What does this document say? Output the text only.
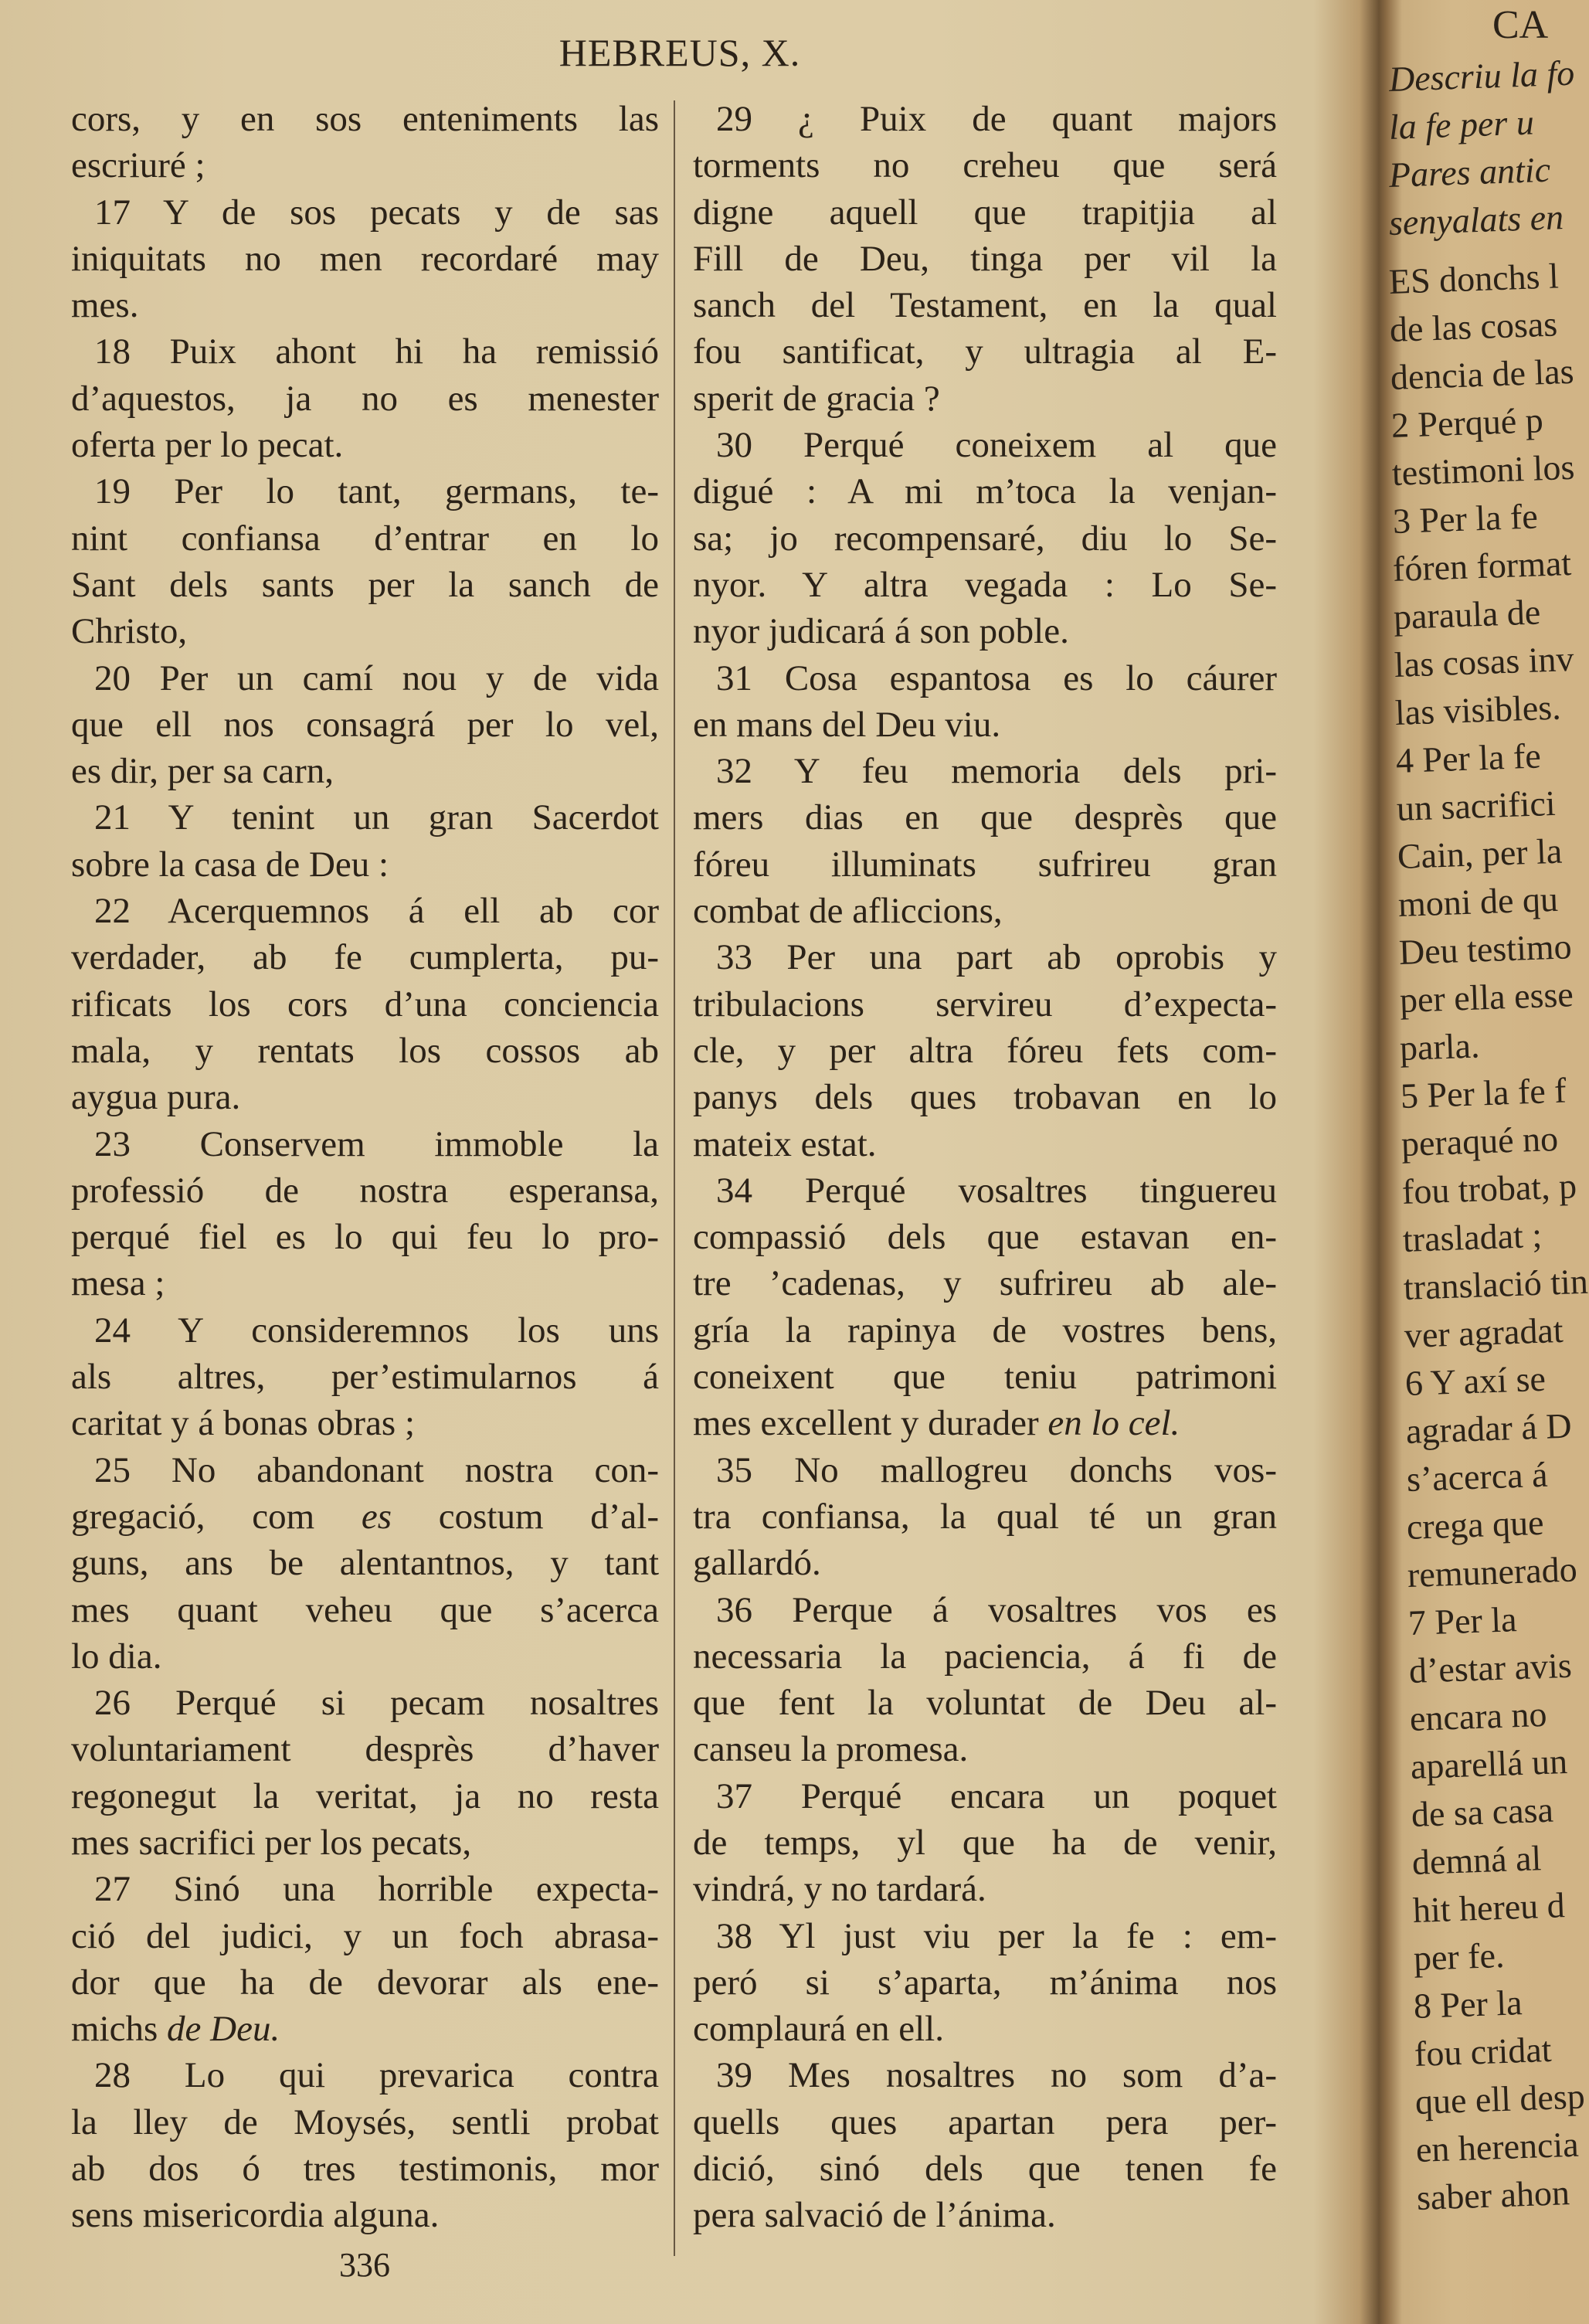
HEBREUS, X.
cors, y en sos enteniments las
escriuré ;
17 Y de sos pecats y de sas
iniquitats no men recordaré may
mes.
18 Puix ahont hi ha remissió
d’aquestos, ja no es menester
oferta per lo pecat.
19 Per lo tant, germans, te-
nint confiansa d’entrar en lo
Sant dels sants per la sanch de
Christo,
20 Per un camí nou y de vida
que ell nos consagrá per lo vel,
es dir, per sa carn,
21 Y tenint un gran Sacerdot
sobre la casa de Deu :
22 Acerquemnos á ell ab cor
verdader, ab fe cumplerta, pu-
rificats los cors d’una conciencia
mala, y rentats los cossos ab
aygua pura.
23 Conservem immoble la
professió de nostra esperansa,
perqué fiel es lo qui feu lo pro-
mesa ;
24 Y consideremnos los uns
als altres, per’estimularnos á
caritat y á bonas obras ;
25 No abandonant nostra con-
gregació, com es costum d’al-
guns, ans be alentantnos, y tant
mes quant veheu que s’acerca
lo dia.
26 Perqué si pecam nosaltres
voluntariament desprès d’haver
regonegut la veritat, ja no resta
mes sacrifici per los pecats,
27 Sinó una horrible expecta-
ció del judici, y un foch abrasa-
dor que ha de devorar als ene-
michs de Deu.
28 Lo qui prevarica contra
la lley de Moysés, sentli probat
ab dos ó tres testimonis, mor
sens misericordia alguna.
29 ¿ Puix de quant majors
torments no creheu que será
digne aquell que trapitjia al
Fill de Deu, tinga per vil la
sanch del Testament, en la qual
fou santificat, y ultragia al E-
sperit de gracia ?
30 Perqué coneixem al que
digué : A mi m’toca la venjan-
sa; jo recompensaré, diu lo Se-
nyor. Y altra vegada : Lo Se-
nyor judicará á son poble.
31 Cosa espantosa es lo cáurer
en mans del Deu viu.
32 Y feu memoria dels pri-
mers dias en que desprès que
fóreu illuminats sufrireu gran
combat de afliccions,
33 Per una part ab oprobis y
tribulacions servireu d’expecta-
cle, y per altra fóreu fets com-
panys dels ques trobavan en lo
mateix estat.
34 Perqué vosaltres tinguereu
compassió dels que estavan en-
tre ’cadenas, y sufrireu ab ale-
gría la rapinya de vostres bens,
coneixent que teniu patrimoni
mes excellent y durader en lo cel.
35 No mallogreu donchs vos-
tra confiansa, la qual té un gran
gallardó.
36 Perque á vosaltres vos es
necessaria la paciencia, á fi de
que fent la voluntat de Deu al-
canseu la promesa.
37 Perqué encara un poquet
de temps, yl que ha de venir,
vindrá, y no tardará.
38 Yl just viu per la fe : em-
peró si s’aparta, m’ánima nos
complaurá en ell.
39 Mes nosaltres no som d’a-
quells ques apartan pera per-
dició, sinó dels que tenen fe
pera salvació de l’ánima.
336
CA
Descriu la fo
la fe per u
Pares antic
senyalats en
ES donchs l
de las cosas
dencia de las
2 Perqué p
testimoni los
3 Per la fe
fóren format
paraula de
las cosas inv
las visibles.
4 Per la fe
un sacrifici
Cain, per la
moni de qu
Deu testimo
per ella esse
parla.
5 Per la fe f
peraqué no
fou trobat, p
trasladat ;
translació tin
ver agradat
6 Y axí se
agradar á D
s’acerca á
crega que
remunerado
7 Per la
d’estar avis
encara no
aparellá un
de sa casa
demná al
hit hereu d
per fe.
8 Per la
fou cridat
que ell desp
en herencia
saber ahon
